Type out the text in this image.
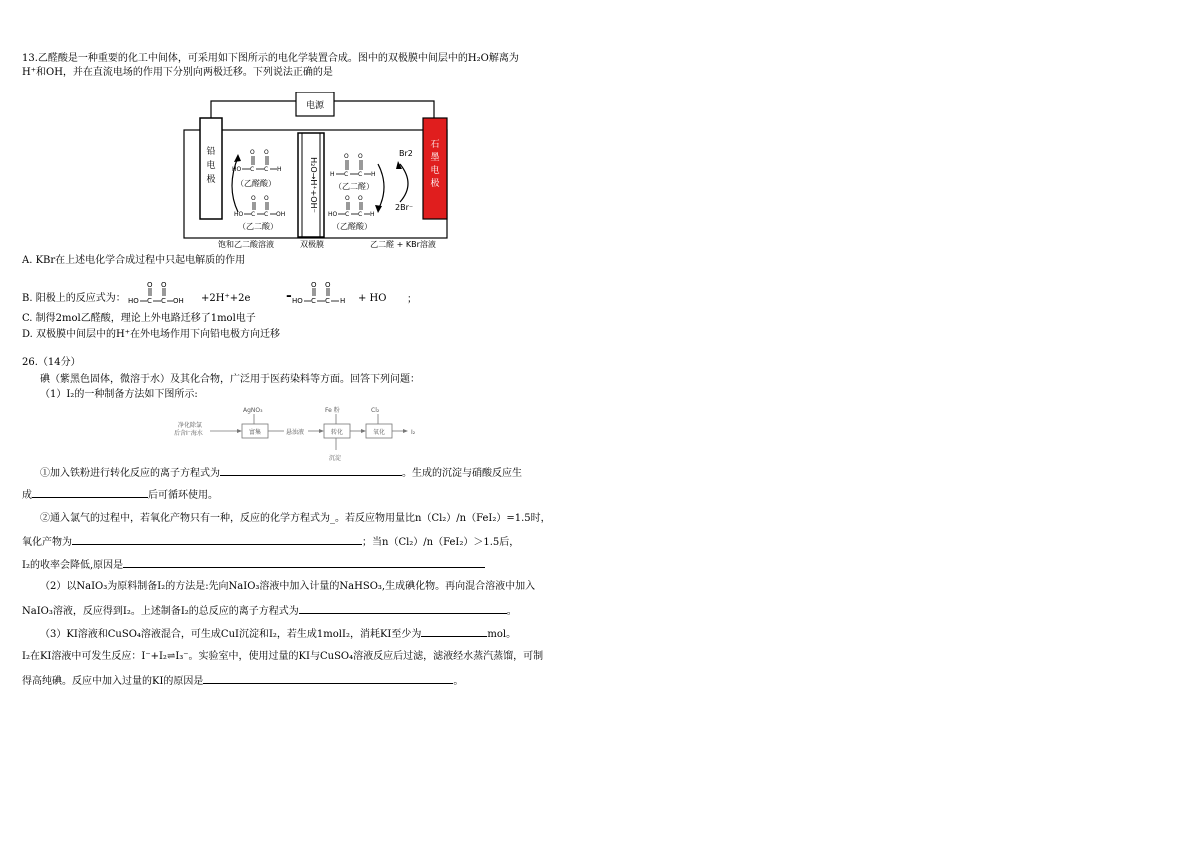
13.乙醛酸是一种重要的化工中间体，可采用如下图所示的电化学装置合成。图中的双极膜中间层中的H₂O解离为
H⁺和OH，并在直流电场的作用下分别向两极迁移。下列说法正确的是
电源
铅
电
极
石
墨
电
极
H₂O→H⁺+OH⁻
HO C C H
O O
（乙醛酸）
HO C C OH
O O
（乙二酸）
H C C H
O O
（乙二醛）
HO C C H
O O
（乙醛酸）
Br2
2Br⁻
饱和乙二酸溶液	双极膜	乙二醛 + KBr溶液
A. KBr在上述电化学合成过程中只起电解质的作用
B. 阳极上的反应式为： HO C C OH
O O
+2H⁺+2e	- HO C C H
O O
+ HO ；
C. 制得2mol乙醛酸，理论上外电路迁移了1mol电子
D. 双极膜中间层中的H⁺在外电场作用下向铅电极方向迁移
26.（14分）
碘（紫黑色固体，微溶于水）及其化合物，广泛用于医药染料等方面。回答下列问题：
（1）I₂的一种制备方法如下图所示:
净化除氯
后含I⁻海水
AgNO₃
富集	悬浊液
Fe 粉
转化
沉淀
Cl₂
氧化	I₂
①加入铁粉进行转化反应的离子方程式为	。生成的沉淀与硝酸反应生
成	后可循环使用。
②通入氯气的过程中，若氧化产物只有一种，反应的化学方程式为_。若反应物用量比n（Cl₂）/n（FeI₂）=1.5时，
氧化产物为	；当n（Cl₂）/n（FeI₂）＞1.5后，
I₂的收率会降低,原因是
（2）以NaIO₃为原料制备I₂的方法是:先向NaIO₃溶液中加入计量的NaHSO₃,生成碘化物。再向混合溶液中加入
NaIO₃溶液，反应得到I₂。上述制备I₂的总反应的离子方程式为	。
（3）KI溶液和CuSO₄溶液混合，可生成CuI沉淀和I₂，若生成1molI₂，消耗KI至少为	mol。
I₂在KI溶液中可发生反应：I⁻+I₂⇌I₃⁻。实验室中，使用过量的KI与CuSO₄溶液反应后过滤，滤液经水蒸汽蒸馏，可制
得高纯碘。反应中加入过量的KI的原因是	。
